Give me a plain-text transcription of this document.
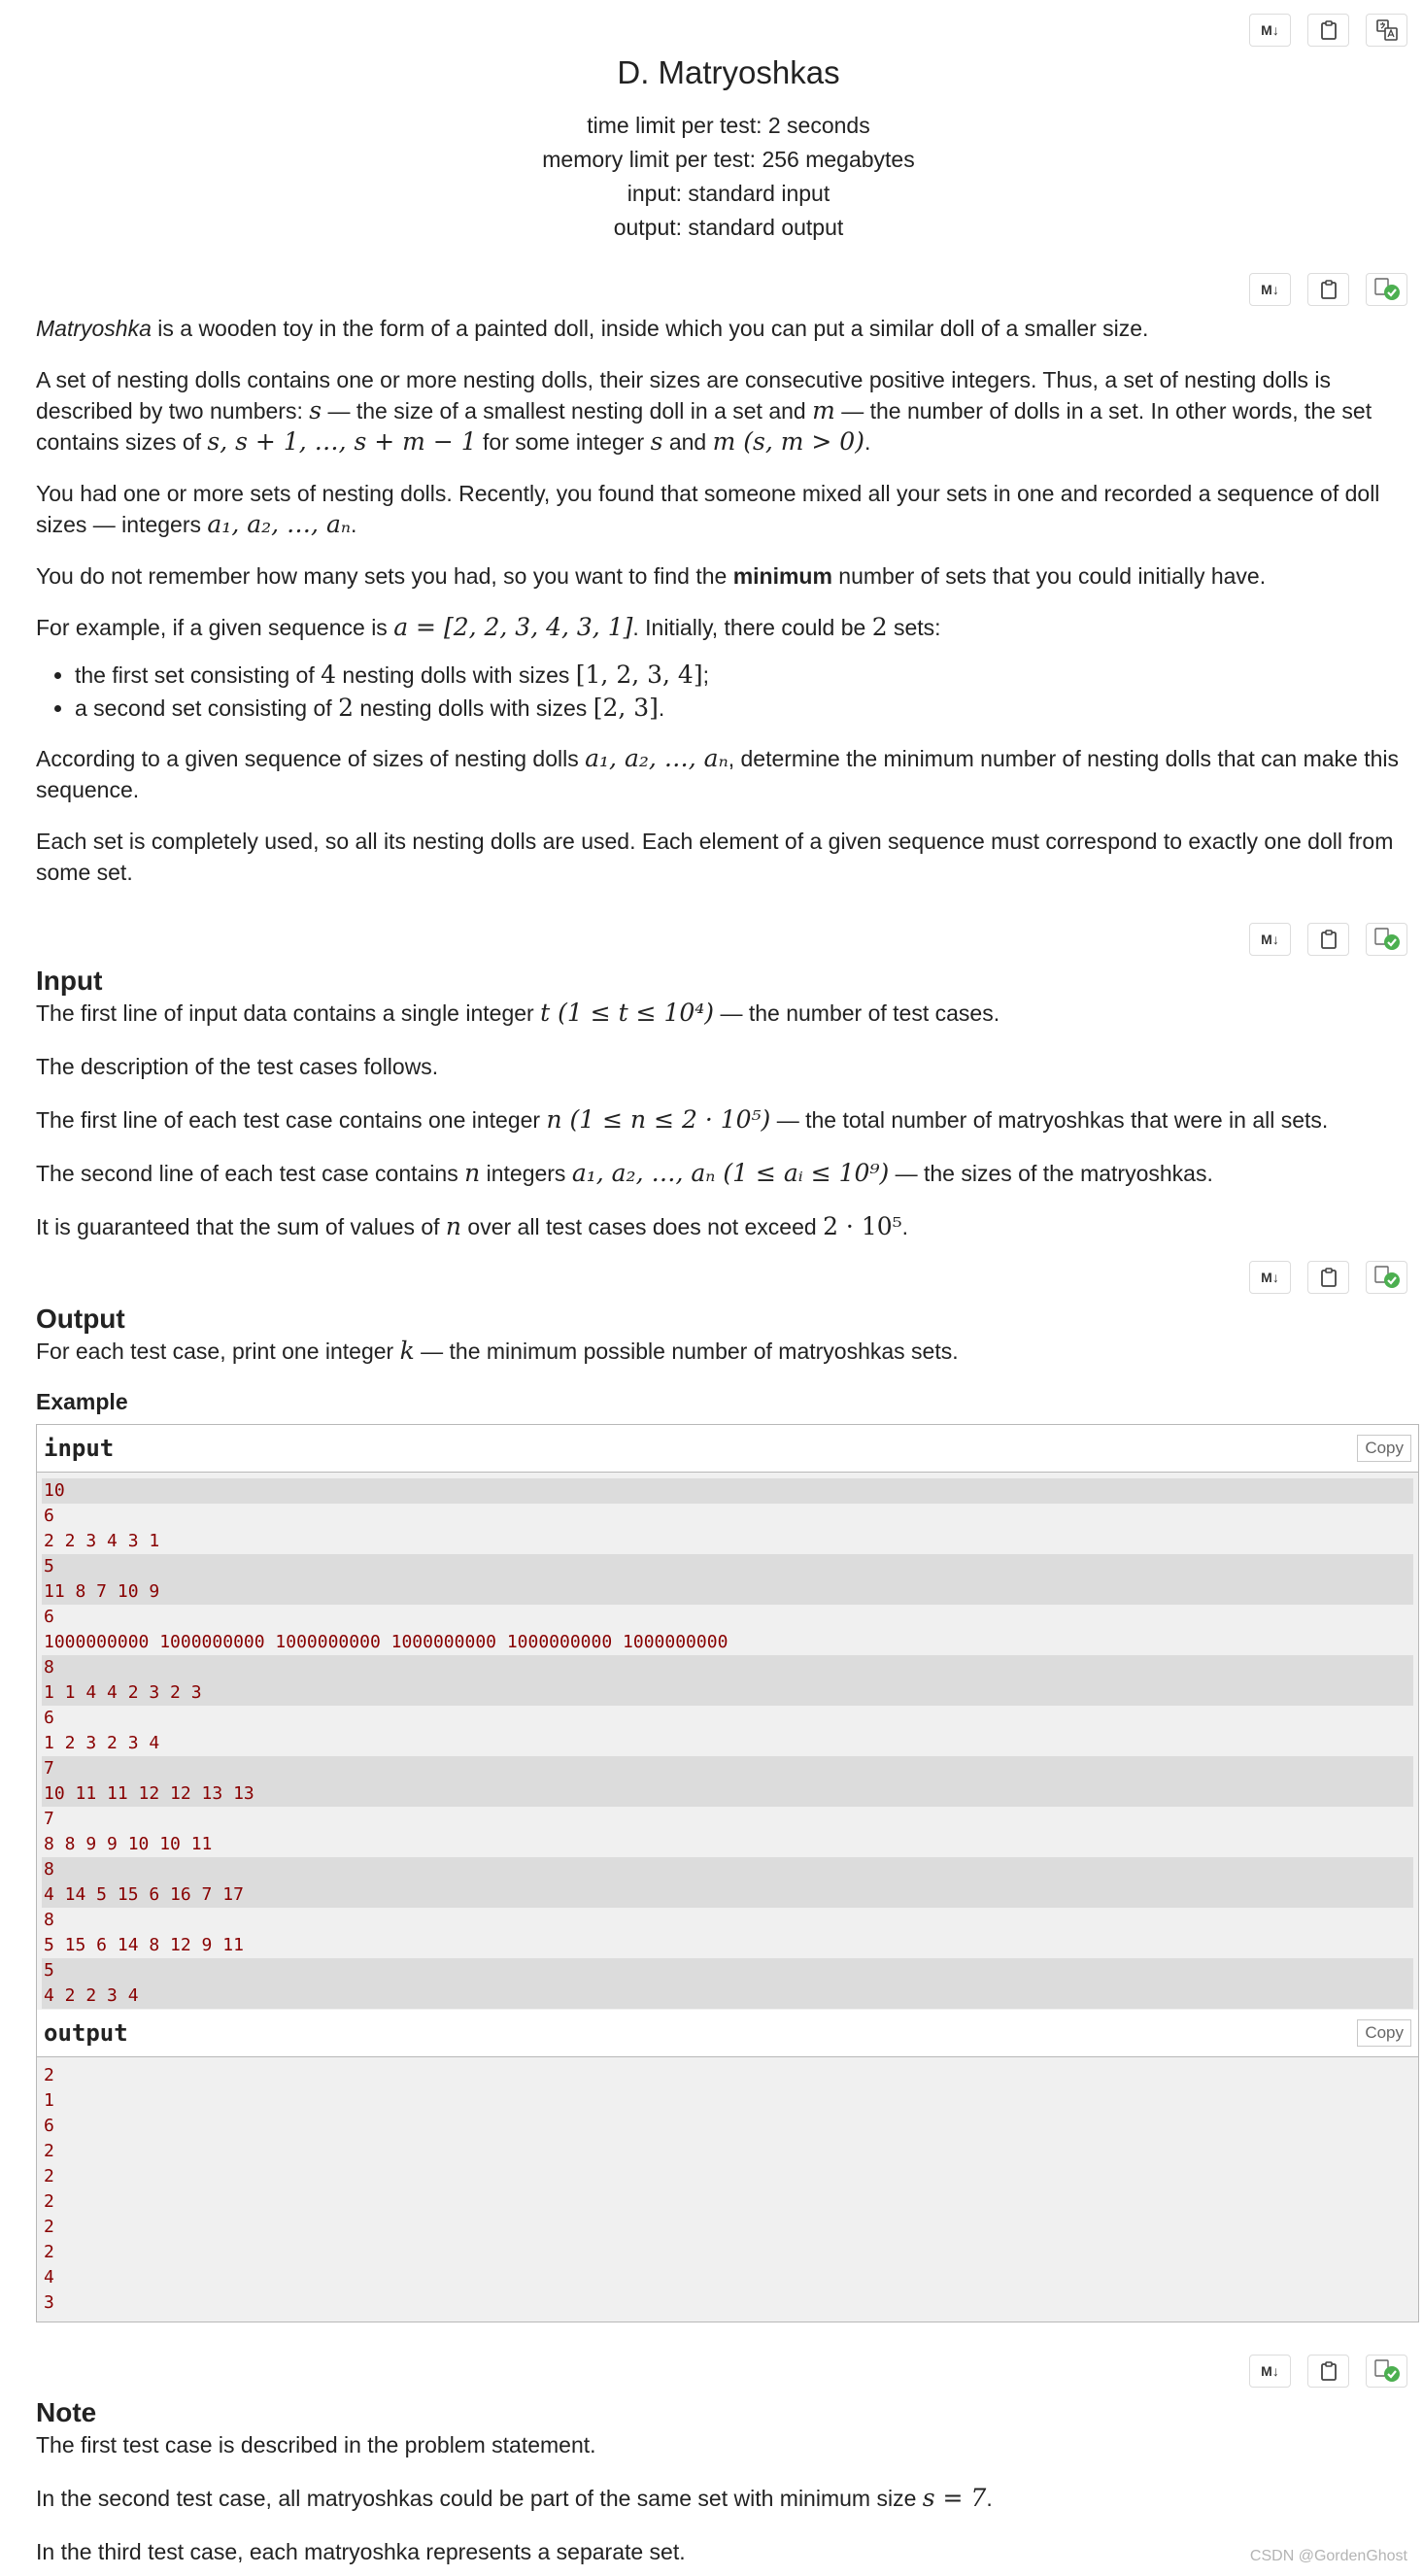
M↓
D. Matryoshkas
time limit per test: 2 seconds
memory limit per test: 256 megabytes
input: standard input
output: standard output
M↓

Matryoshka is a wooden toy in the form of a painted doll, inside which you can put a similar doll of a smaller size.

A set of nesting dolls contains one or more nesting dolls, their sizes are consecutive positive integers. Thus, a set of nesting dolls is described by two numbers: s — the size of a smallest nesting doll in a set and m — the number of dolls in a set. In other words, the set contains sizes of s, s + 1, …, s + m − 1 for some integer s and m (s, m > 0).

You had one or more sets of nesting dolls. Recently, you found that someone mixed all your sets in one and recorded a sequence of doll sizes — integers a₁, a₂, …, aₙ.

You do not remember how many sets you had, so you want to find the minimum number of sets that you could initially have.

For example, if a given sequence is a = [2, 2, 3, 4, 3, 1]. Initially, there could be 2 sets:

• the first set consisting of 4 nesting dolls with sizes [1, 2, 3, 4];
• a second set consisting of 2 nesting dolls with sizes [2, 3].

According to a given sequence of sizes of nesting dolls a₁, a₂, …, aₙ, determine the minimum number of nesting dolls that can make this sequence.

Each set is completely used, so all its nesting dolls are used. Each element of a given sequence must correspond to exactly one doll from some set.

M↓
Input

The first line of input data contains a single integer t (1 ≤ t ≤ 10⁴) — the number of test cases.

The description of the test cases follows.

The first line of each test case contains one integer n (1 ≤ n ≤ 2 · 10⁵) — the total number of matryoshkas that were in all sets.

The second line of each test case contains n integers a₁, a₂, …, aₙ (1 ≤ aᵢ ≤ 10⁹) — the sizes of the matryoshkas.

It is guaranteed that the sum of values of n over all test cases does not exceed 2 · 10⁵.

M↓
Output

For each test case, print one integer k — the minimum possible number of matryoshkas sets.

Example
input	Copy
10
6
2 2 3 4 3 1
5
11 8 7 10 9
6
1000000000 1000000000 1000000000 1000000000 1000000000 1000000000
8
1 1 4 4 2 3 2 3
6
1 2 3 2 3 4
7
10 11 11 12 12 13 13
7
8 8 9 9 10 10 11
8
4 14 5 15 6 16 7 17
8
5 15 6 14 8 12 9 11
5
4 2 2 3 4
output	Copy
2
1
6
2
2
2
2
2
4
3
M↓
Note

The first test case is described in the problem statement.

In the second test case, all matryoshkas could be part of the same set with minimum size s = 7.

In the third test case, each matryoshka represents a separate set.	CSDN @GordenGhost
